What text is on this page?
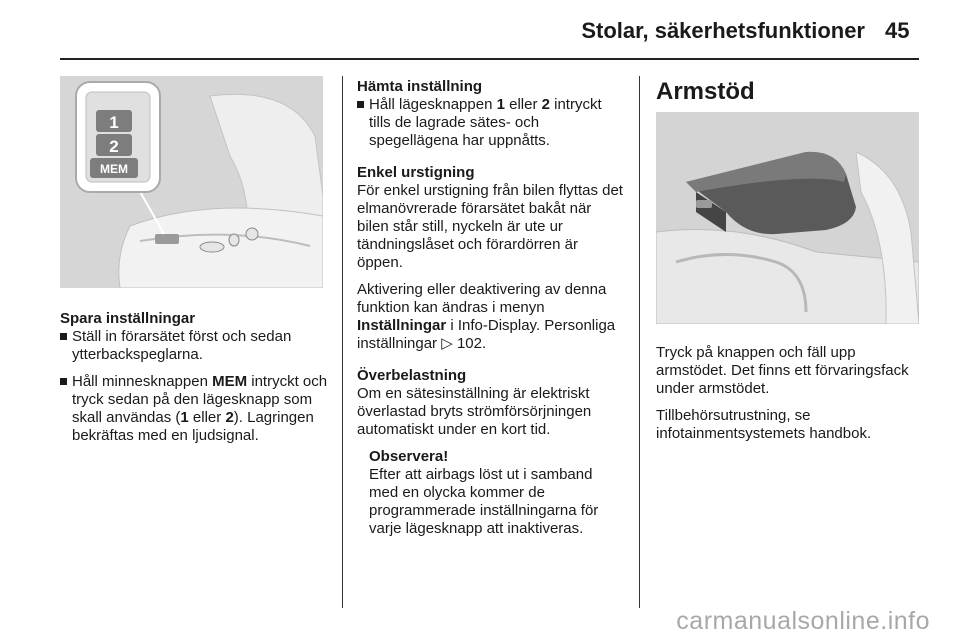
Stolar, säkerhetsfunktioner 45
1
2
MEM

Spara inställningar

Ställ in förarsätet först och sedan ytterbackspeglarna.
Håll minnesknappen MEM intryckt och tryck sedan på den lägesknapp som skall användas (1 eller 2). Lagringen bekräftas med en ljudsignal.

Hämta inställning

Håll lägesknappen 1 eller 2 intryckt tills de lagrade sätes- och spegellägena har uppnåtts.

Enkel urstigning

För enkel urstigning från bilen flyttas det elmanövrerade förarsätet bakåt när bilen står still, nyckeln är ute ur tändningslåset och förardörren är öppen.

Aktivering eller deaktivering av denna funktion kan ändras i menyn Inställningar i Info-Display. Personliga inställningar ▷ 102.

Överbelastning

Om en sätesinställning är elektriskt överlastad bryts strömförsörjningen automatiskt under en kort tid.

Observera!

Efter att airbags löst ut i samband med en olycka kommer de programmerade inställningarna för varje lägesknapp att inaktiveras.

Armstöd

Tryck på knappen och fäll upp armstödet. Det finns ett förvaringsfack under armstödet.

Tillbehörsutrustning, se infotainmentsystemets handbok.

carmanualsonline.info
